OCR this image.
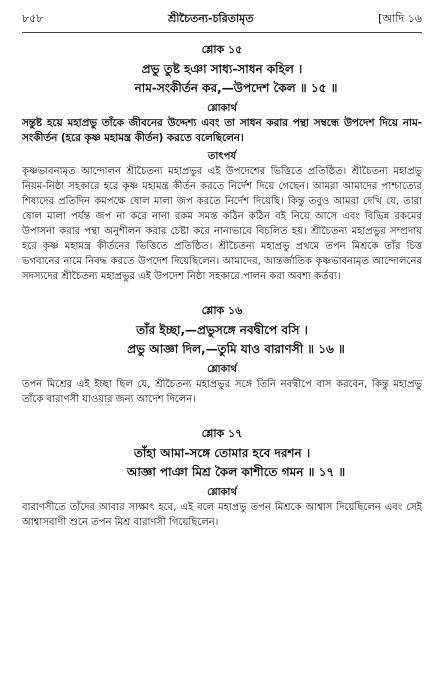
৮৫৮	শ্রীচৈতন্য-চরিতামৃত	[আদি ১৬
শ্লোক ১৫
প্রভু তুষ্ট হঞা সাধ্য-সাধন কহিল ।
নাম-সংকীর্তন কর,—উপদেশ কৈল ॥ ১৫ ॥
শ্লোকার্থ
সন্তুষ্ট হয়ে মহাপ্রভু তাঁকে জীবনের উদ্দেশ্য এবং তা সাধন করার পন্থা সম্বন্ধে উপদেশ দিয়ে নাম-সংকীর্তন (হরে কৃষ্ণ মহামন্ত্র কীর্তন) করতে বলেছিলেন।
তাৎপর্য
কৃষ্ণভাবনামৃত আন্দোলন শ্রীচৈতন্য মহাপ্রভুর এই উপদেশের ভিত্তিতে প্রতিষ্ঠিত। শ্রীচৈতন্য মহাপ্রভু নিয়ম-নিষ্ঠা সহকারে হরে কৃষ্ণ মহামন্ত্র কীর্তন করতে নির্দেশ দিয়ে গেছেন। আমরা আমাদের পাশ্চাত্যের শিষ্যদের প্রতিদিন কমপক্ষে ষোল মালা জপ করতে নির্দেশ দিয়েছি। কিন্তু তবুও আমরা দেখি যে, তারা ষোল মালা পর্যন্ত জপ না করে নানা রকম সমস্ত কঠিন কঠিন বই নিয়ে আসে এবং বিভিন্ন রকমের উপাসনা করার পন্থা অনুশীলন করার চেষ্টা করে নানাভাবে বিচলিত হয়। শ্রীচৈতন্য মহাপ্রভুর সম্প্রদায় হরে কৃষ্ণ মহামন্ত্র কীর্তনের ভিত্তিতে প্রতিষ্ঠিত। শ্রীচৈতন্য মহাপ্রভু প্রথমে তপন মিশ্রকে তাঁর চিত্ত ভগবানের নামে নিবদ্ধ করতে উপদেশ দিয়েছিলেন। আমাদের, আন্তর্জাতিক কৃষ্ণভাবনামৃত আন্দোলনের সদস্যদের শ্রীচৈতন্য মহাপ্রভুর এই উপদেশ নিষ্ঠা সহকারে পালন করা অবশ্য কর্তব্য।
শ্লোক ১৬
তাঁর ইচ্ছা,—প্রভুসঙ্গে নবদ্বীপে বসি ।
প্রভু আজ্ঞা দিল,—তুমি যাও বারাণসী ॥ ১৬ ॥
শ্লোকার্থ
তপন মিশ্রের এই ইচ্ছা ছিল যে, শ্রীচৈতন্য মহাপ্রভুর সঙ্গে তিনি নবদ্বীপে বাস করবেন, কিন্তু মহাপ্রভু তাঁকে বারাণসী যাওয়ার জন্য আদেশ দিলেন।
শ্লোক ১৭
তাঁহা আমা-সঙ্গে তোমার হবে দরশন ।
আজ্ঞা পাঞা মিশ্র কৈল কাশীতে গমন ॥ ১৭ ॥
শ্লোকার্থ
বারাণসীতে তাঁদের আবার সাক্ষাৎ হবে, এই বলে মহাপ্রভু তপন মিশ্রকে আশ্বাস দিয়েছিলেন এবং সেই আশ্বাসবাণী শুনে তপন মিশ্র বারাণসী গিয়েছিলেন।
